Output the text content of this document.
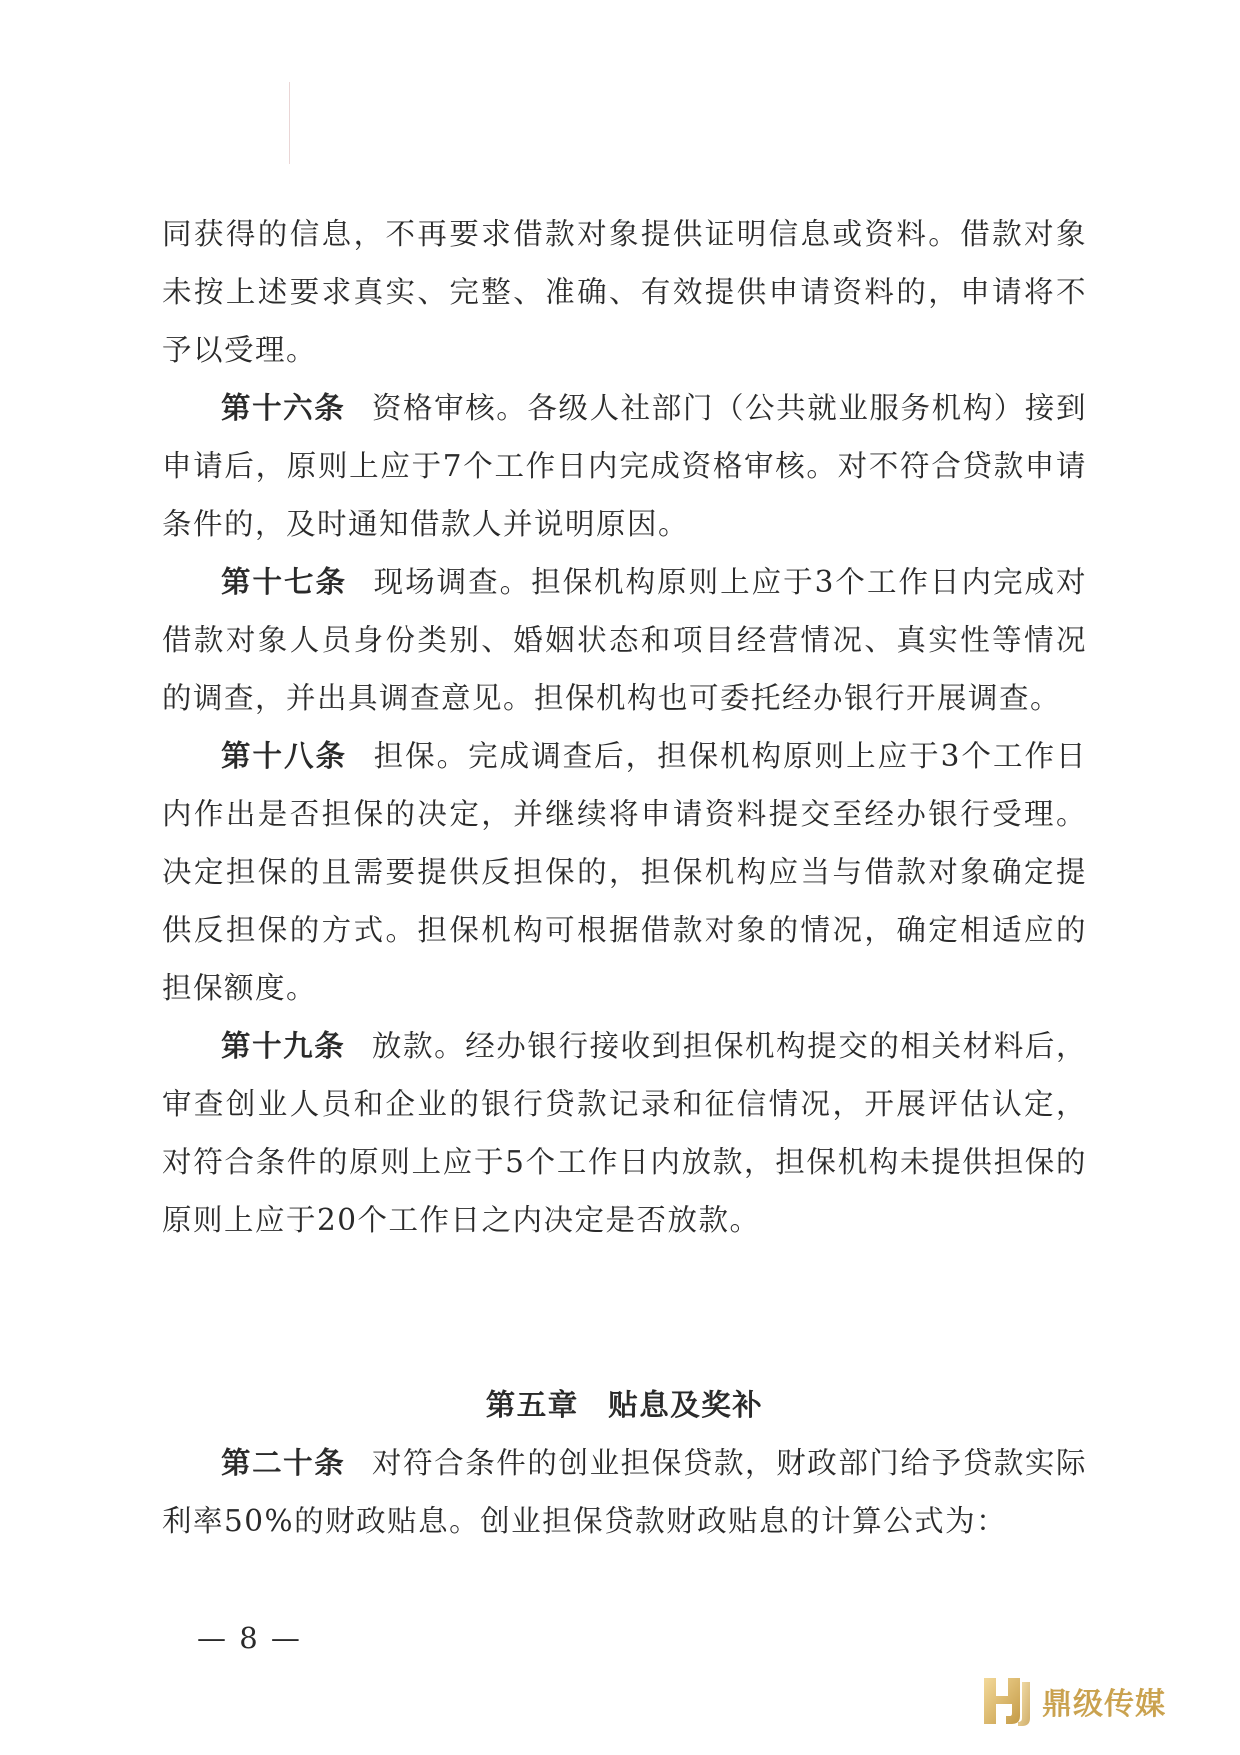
同获得的信息，不再要求借款对象提供证明信息或资料。借款对象未按上述要求真实、完整、准确、有效提供申请资料的，申请将不予以受理。

第十六条 资格审核。各级人社部门（公共就业服务机构）接到申请后，原则上应于7个工作日内完成资格审核。对不符合贷款申请条件的，及时通知借款人并说明原因。

第十七条 现场调查。担保机构原则上应于3个工作日内完成对借款对象人员身份类别、婚姻状态和项目经营情况、真实性等情况的调查，并出具调查意见。担保机构也可委托经办银行开展调查。

第十八条 担保。完成调查后，担保机构原则上应于3个工作日内作出是否担保的决定，并继续将申请资料提交至经办银行受理。决定担保的且需要提供反担保的，担保机构应当与借款对象确定提供反担保的方式。担保机构可根据借款对象的情况，确定相适应的担保额度。

第十九条 放款。经办银行接收到担保机构提交的相关材料后，审查创业人员和企业的银行贷款记录和征信情况，开展评估认定，对符合条件的原则上应于5个工作日内放款，担保机构未提供担保的原则上应于20个工作日之内决定是否放款。

第五章 贴息及奖补

第二十条 对符合条件的创业担保贷款，财政部门给予贷款实际利率50%的财政贴息。创业担保贷款财政贴息的计算公式为：

— 8 —
鼎级传媒
